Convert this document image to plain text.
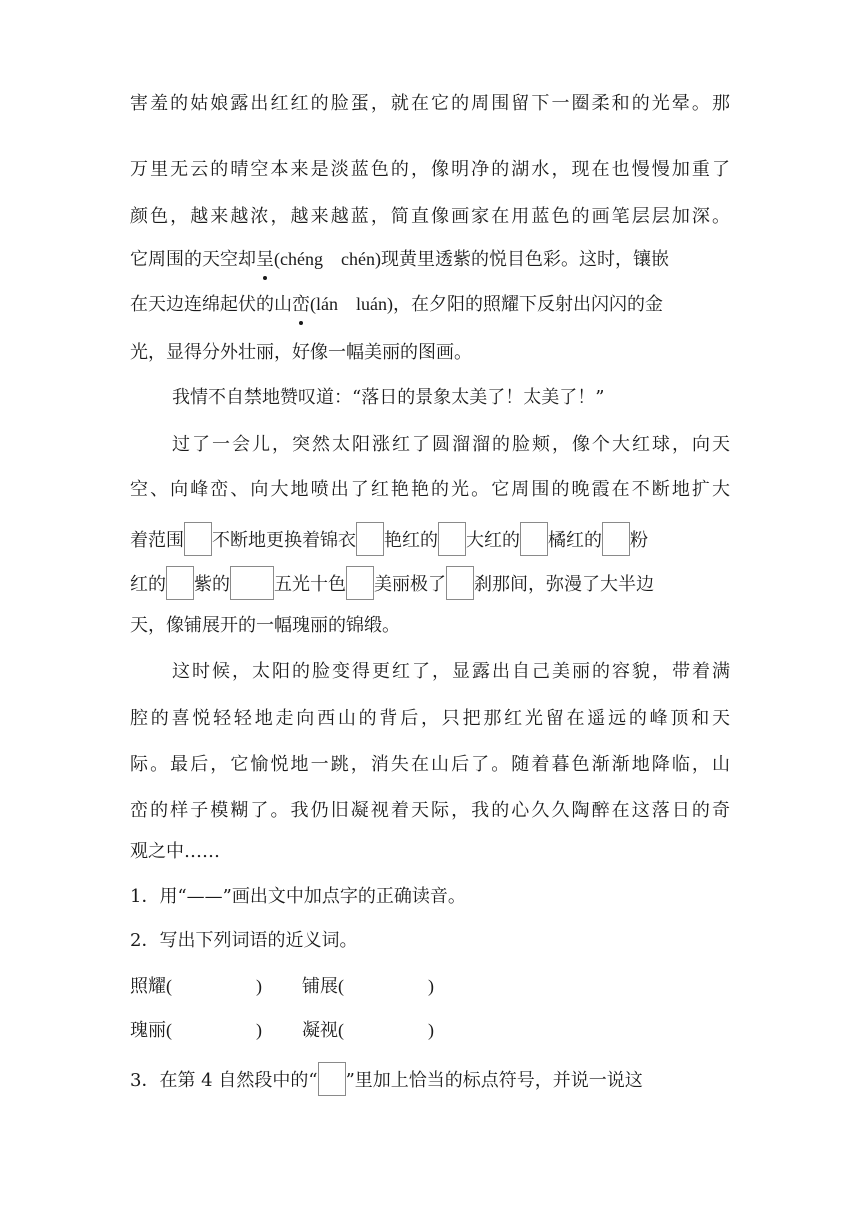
害羞的姑娘露出红红的脸蛋，就在它的周围留下一圈柔和的光晕。那
万里无云的晴空本来是淡蓝色的，像明净的湖水，现在也慢慢加重了
颜色，越来越浓，越来越蓝，简直像画家在用蓝色的画笔层层加深。
它周围的天空却呈(chéng chén)现黄里透紫的悦目色彩。这时，镶嵌
在天边连绵起伏的山峦(lán luán)，在夕阳的照耀下反射出闪闪的金
光，显得分外壮丽，好像一幅美丽的图画。
我情不自禁地赞叹道：“落日的景象太美了！太美了！”
过了一会儿，突然太阳涨红了圆溜溜的脸颊，像个大红球，向天
空、向峰峦、向大地喷出了红艳艳的光。它周围的晚霞在不断地扩大
着范围 不断地更换着锦衣 艳红的 大红的 橘红的 粉
红的 紫的 五光十色 美丽极了 刹那间，弥漫了大半边
天，像铺展开的一幅瑰丽的锦缎。
这时候，太阳的脸变得更红了，显露出自己美丽的容貌，带着满
腔的喜悦轻轻地走向西山的背后，只把那红光留在遥远的峰顶和天
际。最后，它愉悦地一跳，消失在山后了。随着暮色渐渐地降临，山
峦的样子模糊了。我仍旧凝视着天际，我的心久久陶醉在这落日的奇
观之中……
1．用“——”画出文中加点字的正确读音。
2．写出下列词语的近义词。
照耀(	) 铺展(	)
瑰丽(	) 凝视(	)
3．在第 4 自然段中的“ ”里加上恰当的标点符号，并说一说这
